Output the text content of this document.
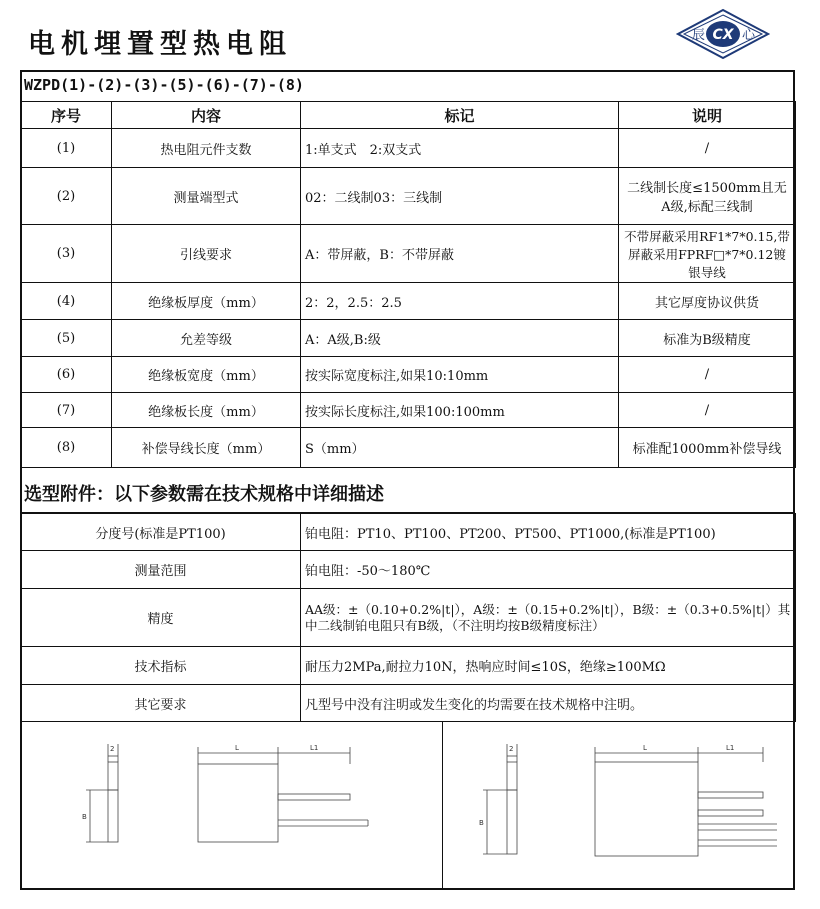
电机埋置型热电阻	辰 CX 心
WZPD(1)-(2)-(3)-(5)-(6)-(7)-(8)
序号	内容	标记	说明
(1)	热电阻元件支数	1:单支式　2:双支式	/
(2)	测量端型式	02：二线制03：三线制	二线制长度≤1500mm且无A级,标配三线制
(3)	引线要求	A：带屏蔽，B：不带屏蔽	不带屏蔽采用RF1*7*0.15,带屏蔽采用FPRF□*7*0.12镀银导线
(4)	绝缘板厚度（mm）	2：2，2.5：2.5	其它厚度协议供货
(5)	允差等级	A：A级,B:级	标准为B级精度
(6)	绝缘板宽度（mm）	按实际宽度标注,如果10:10mm	/
(7)	绝缘板长度（mm）	按实际长度标注,如果100:100mm	/
(8)	补偿导线长度（mm）	S（mm）	标准配1000mm补偿导线
选型附件：以下参数需在技术规格中详细描述
分度号(标准是PT100)	铂电阻：PT10、PT100、PT200、PT500、PT1000,(标准是PT100)
测量范围	铂电阻：-50～180℃
精度	AA级：±（0.10+0.2%|t|），A级：±（0.15+0.2%|t|），B级：±（0.3+0.5%|t|）其中二线制铂电阻只有B级，（不注明均按B级精度标注）
技术指标	耐压力2MPa,耐拉力10N，热响应时间≤10S，绝缘≥100MΩ
其它要求	凡型号中没有注明或发生变化的均需要在技术规格中注明。
2
B
L	L1	2
B
L	L1
